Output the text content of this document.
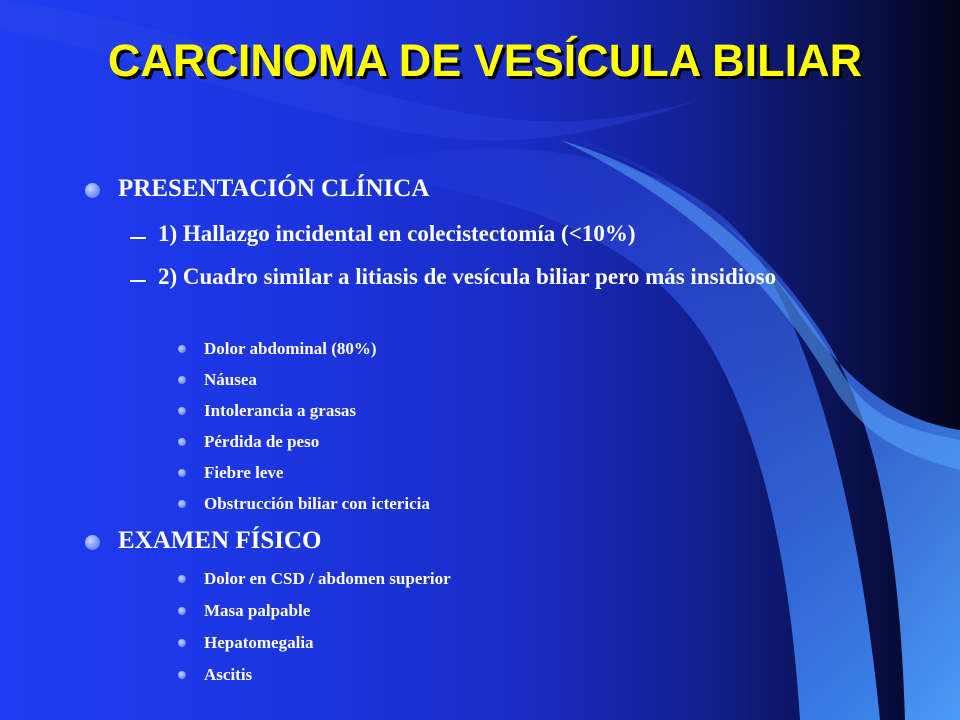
CARCINOMA DE VESÍCULA BILIAR

PRESENTACIÓN CLÍNICA

1) Hallazgo incidental en colecistectomía (<10%)

2) Cuadro similar a litiasis de vesícula biliar pero más insidioso

Dolor abdominal (80%)

Náusea

Intolerancia a grasas

Pérdida de peso

Fiebre leve

Obstrucción biliar con ictericia

EXAMEN FÍSICO

Dolor en CSD / abdomen superior

Masa palpable

Hepatomegalia

Ascitis
